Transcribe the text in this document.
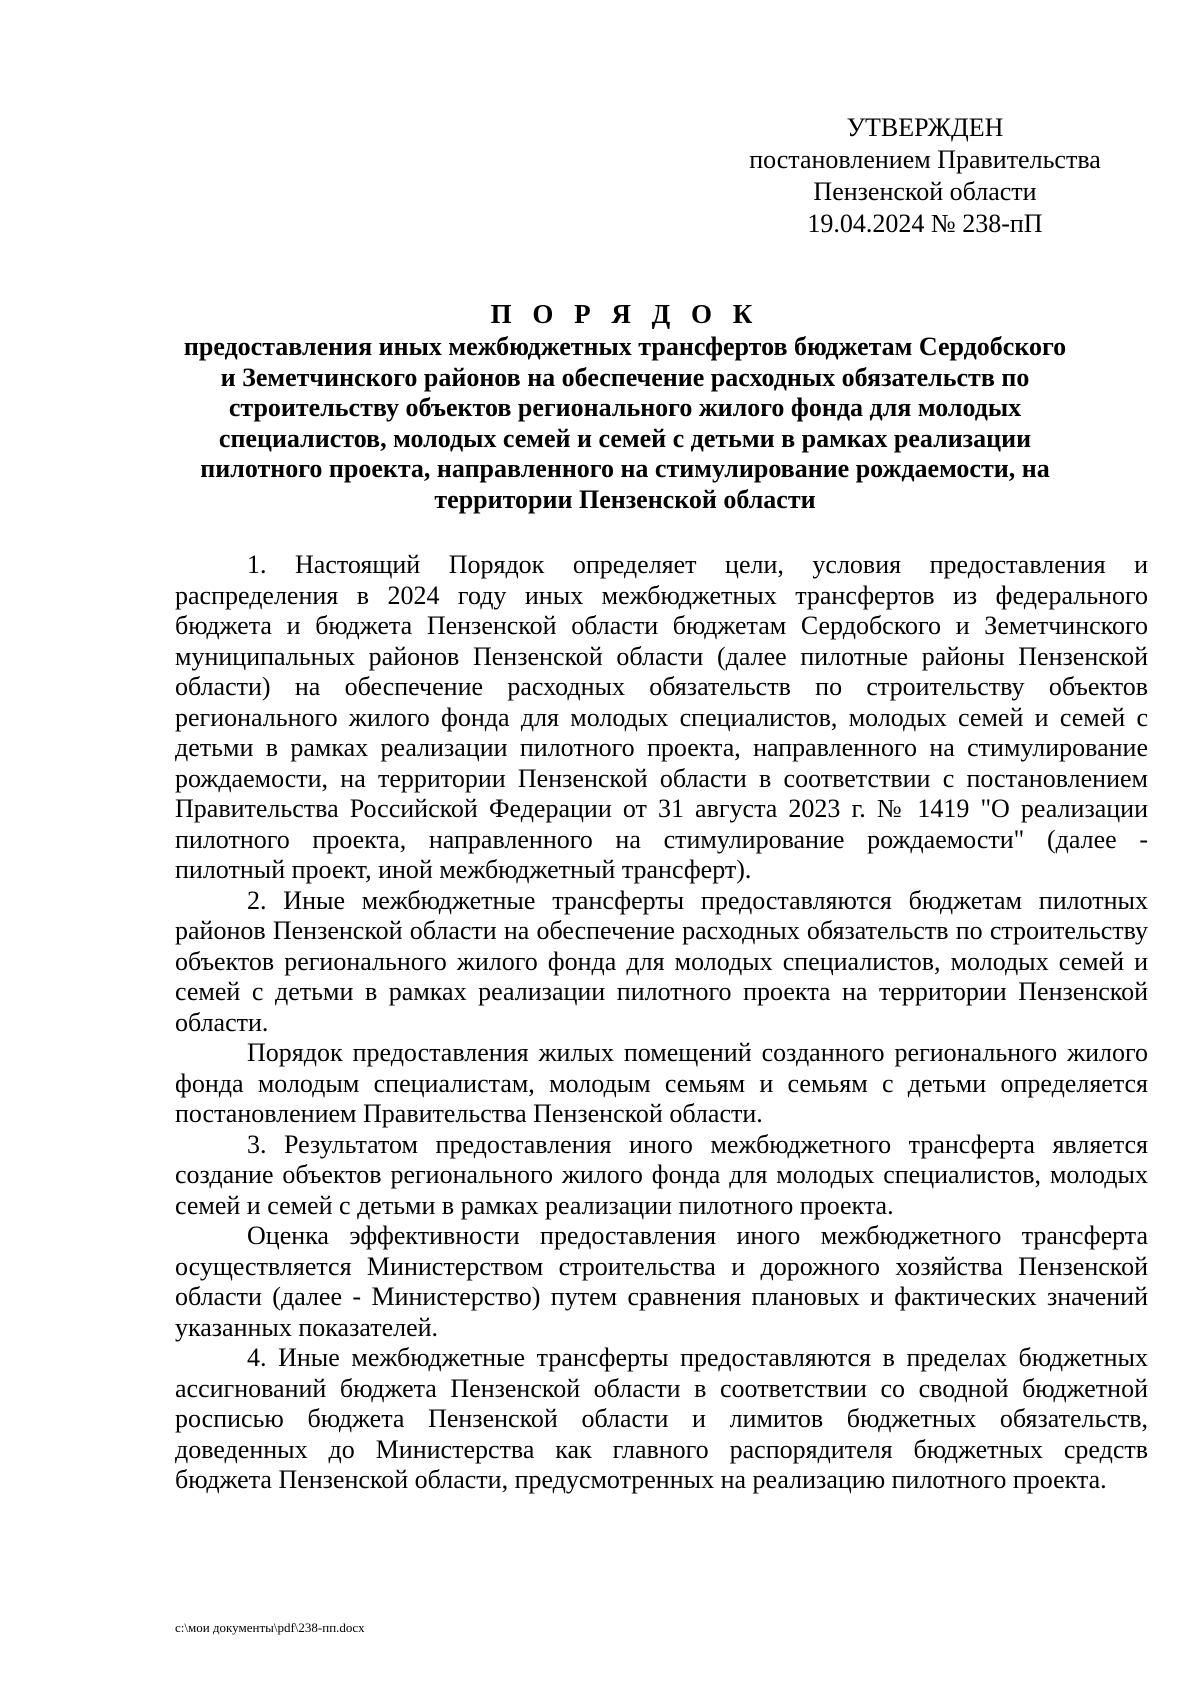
УТВЕРЖДЕН
постановлением Правительства
Пензенской области
19.04.2024 № 238-пП
П О Р Я Д О К
предоставления иных межбюджетных трансфертов бюджетам Сердобского и Земетчинского районов на обеспечение расходных обязательств по строительству объектов регионального жилого фонда для молодых специалистов, молодых семей и семей с детьми в рамках реализации пилотного проекта, направленного на стимулирование рождаемости, на территории Пензенской области

1. Настоящий Порядок определяет цели, условия предоставления и распределения в 2024 году иных межбюджетных трансфертов из федерального бюджета и бюджета Пензенской области бюджетам Сердобского и Земетчинского муниципальных районов Пензенской области (далее пилотные районы Пензенской области) на обеспечение расходных обязательств по строительству объектов регионального жилого фонда для молодых специалистов, молодых семей и семей с детьми в рамках реализации пилотного проекта, направленного на стимулирование рождаемости, на территории Пензенской области в соответствии с постановлением Правительства Российской Федерации от 31 августа 2023 г. № 1419 "О реализации пилотного проекта, направленного на стимулирование рождаемости" (далее - пилотный проект, иной межбюджетный трансферт).

2. Иные межбюджетные трансферты предоставляются бюджетам пилотных районов Пензенской области на обеспечение расходных обязательств по строительству объектов регионального жилого фонда для молодых специалистов, молодых семей и семей с детьми в рамках реализации пилотного проекта на территории Пензенской области.

Порядок предоставления жилых помещений созданного регионального жилого фонда молодым специалистам, молодым семьям и семьям с детьми определяется постановлением Правительства Пензенской области.

3. Результатом предоставления иного межбюджетного трансферта является создание объектов регионального жилого фонда для молодых специалистов, молодых семей и семей с детьми в рамках реализации пилотного проекта.

Оценка эффективности предоставления иного межбюджетного трансферта осуществляется Министерством строительства и дорожного хозяйства Пензенской области (далее - Министерство) путем сравнения плановых и фактических значений указанных показателей.

4. Иные межбюджетные трансферты предоставляются в пределах бюджетных ассигнований бюджета Пензенской области в соответствии со сводной бюджетной росписью бюджета Пензенской области и лимитов бюджетных обязательств, доведенных до Министерства как главного распорядителя бюджетных средств бюджета Пензенской области, предусмотренных на реализацию пилотного проекта.

c:\мои документы\pdf\238-пп.docx
